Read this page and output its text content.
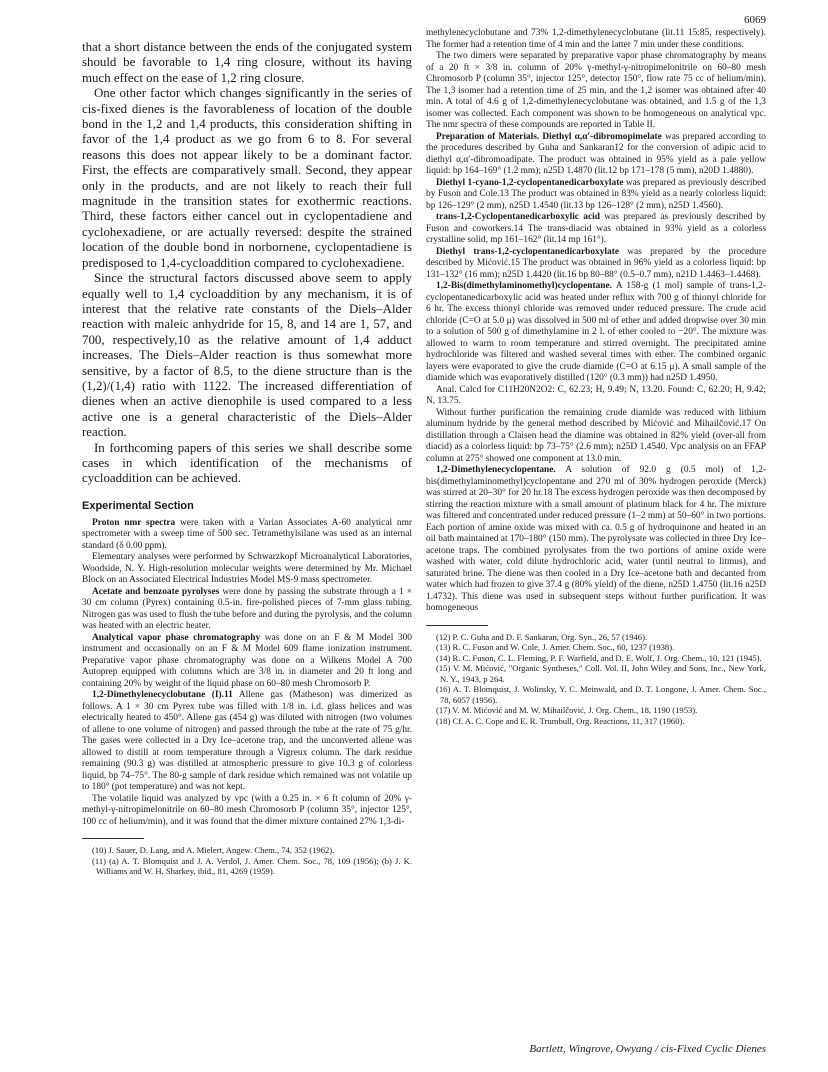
6069

that a short distance between the ends of the conjugated system should be favorable to 1,4 ring closure, without its having much effect on the ease of 1,2 ring closure.

One other factor which changes significantly in the series of cis-fixed dienes is the favorableness of location of the double bond in the 1,2 and 1,4 products, this consideration shifting in favor of the 1,4 product as we go from 6 to 8. For several reasons this does not appear likely to be a dominant factor. First, the effects are comparatively small. Second, they appear only in the products, and are not likely to reach their full magnitude in the transition states for exothermic reactions. Third, these factors either cancel out in cyclopentadiene and cyclohexadiene, or are actually reversed: despite the strained location of the double bond in norbornene, cyclopentadiene is predisposed to 1,4-cycloaddition compared to cyclohexadiene.

Since the structural factors discussed above seem to apply equally well to 1,4 cycloaddition by any mechanism, it is of interest that the relative rate constants of the Diels–Alder reaction with maleic anhydride for 15, 8, and 14 are 1, 57, and 700, respectively,10 as the relative amount of 1,4 adduct increases. The Diels–Alder reaction is thus somewhat more sensitive, by a factor of 8.5, to the diene structure than is the (1,2)/(1,4) ratio with 1122. The increased differentiation of dienes when an active dienophile is used compared to a less active one is a general characteristic of the Diels–Alder reaction.

In forthcoming papers of this series we shall describe some cases in which identification of the mechanisms of cycloaddition can be achieved.

Experimental Section

Proton nmr spectra were taken with a Varian Associates A-60 analytical nmr spectrometer with a sweep time of 500 sec. Tetramethylsilane was used as an internal standard (δ 0.00 ppm).

Elementary analyses were performed by Schwarzkopf Microanalytical Laboratories, Woodside, N. Y. High-resolution molecular weights were determined by Mr. Michael Block on an Associated Electrical Industries Model MS-9 mass spectrometer.

Acetate and benzoate pyrolyses were done by passing the substrate through a 1 × 30 cm column (Pyrex) containing 0.5-in. fire-polished pieces of 7-mm glass tubing. Nitrogen gas was used to flush the tube before and during the pyrolysis, and the column was heated with an electric heater.

Analytical vapor phase chromatography was done on an F & M Model 300 instrument and occasionally on an F & M Model 609 flame ionization instrument. Preparative vapor phase chromatography was done on a Wilkens Model A 700 Autoprep equipped with columns which are 3/8 in. in diameter and 20 ft long and containing 20% by weight of the liquid phase on 60–80 mesh Chromosorb P.

1,2-Dimethylenecyclobutane (I).11 Allene gas (Matheson) was dimerized as follows. A 1 × 30 cm Pyrex tube was filled with 1/8 in. i.d. glass helices and was electrically heated to 450°. Allene gas (454 g) was diluted with nitrogen (two volumes of allene to one volume of nitrogen) and passed through the tube at the rate of 75 g/hr. The gases were collected in a Dry Ice–acetone trap, and the unconverted allene was allowed to distill at room temperature through a Vigreux column. The dark residue remaining (90.3 g) was distilled at atmospheric pressure to give 10.3 g of colorless liquid, bp 74–75°. The 80-g sample of dark residue which remained was not volatile up to 180° (pot temperature) and was not kept.

The volatile liquid was analyzed by vpc (with a 0.25 in. × 6 ft column of 20% γ-methyl-γ-nitropimelonitrile on 60–80 mesh Chromosorb P (column 35°, injector 125°, 100 cc of helium/min), and it was found that the dimer mixture contained 27% 1,3-di-

(10) J. Sauer, D. Lang, and A. Mielert, Angew. Chem., 74, 352 (1962).

(11) (a) A. T. Blomquist and J. A. Verdol, J. Amer. Chem. Soc., 78, 109 (1956); (b) J. K. Williams and W. H. Sharkey, ibid., 81, 4269 (1959).

methylenecyclobutane and 73% 1,2-dimethylenecyclobutane (lit.11 15:85, respectively). The former had a retention time of 4 min and the latter 7 min under these conditions.

The two dimers were separated by preparative vapor phase chromatography by means of a 20 ft × 3/8 in. column of 20% γ-methyl-γ-nitropimelonitrile on 60–80 mesh Chromosorb P (column 35°, injector 125°, detector 150°, flow rate 75 cc of helium/min). The 1,3 isomer had a retention time of 25 min, and the 1,2 isomer was obtained after 40 min. A total of 4.6 g of 1,2-dimethylenecyclobutane was obtained, and 1.5 g of the 1,3 isomer was collected. Each component was shown to be homogeneous on analytical vpc. The nmr spectra of these compounds are reported in Table II.

Preparation of Materials. Diethyl α,α′-dibromopimelate was prepared according to the procedures described by Guha and Sankaran12 for the conversion of adipic acid to diethyl α,α′-dibromoadipate. The product was obtained in 95% yield as a pale yellow liquid: bp 164–169° (1.2 mm); n25D 1.4870 (lit.12 bp 171–178 (5 mm), n20D 1.4880).

Diethyl 1-cyano-1,2-cyclopentanedicarboxylate was prepared as previously described by Fuson and Cole.13 The product was obtained in 83% yield as a nearly colorless liquid: bp 126–129° (2 mm), n25D 1.4540 (lit.13 bp 126–128° (2 mm), n25D 1.4560).

trans-1,2-Cyclopentanedicarboxylic acid was prepared as previously described by Fuson and coworkers.14 The trans-diacid was obtained in 93% yield as a colorless crystalline solid, mp 161–162° (lit.14 mp 161°).

Diethyl trans-1,2-cyclopentanedicarboxylate was prepared by the procedure described by Mićović.15 The product was obtained in 96% yield as a colorless liquid: bp 131–132° (16 mm); n25D 1.4420 (lit.16 bp 80–88° (0.5–0.7 mm), n21D 1.4463–1.4468).

1,2-Bis(dimethylaminomethyl)cyclopentane. A 158-g (1 mol) sample of trans-1,2-cyclopentanedicarboxylic acid was heated under reflux with 700 g of thionyl chloride for 6 hr. The excess thionyl chloride was removed under reduced pressure. The crude acid chloride (C=O at 5.0 μ) was dissolved in 500 ml of ether and added dropwise over 30 min to a solution of 500 g of dimethylamine in 2 l. of ether cooled to −20°. The mixture was allowed to warm to room temperature and stirred overnight. The precipitated amine hydrochloride was filtered and washed several times with ether. The combined organic layers were evaporated to give the crude diamide (C=O at 6.15 μ). A small sample of the diamide which was evaporatively distilled (120° (0.3 mm)) had n25D 1.4950.

Anal. Calcd for C11H20N2O2: C, 62.23; H, 9.49; N, 13.20. Found: C, 62.20; H, 9.42; N, 13.75.

Without further purification the remaining crude diamide was reduced with lithium aluminum hydride by the general method described by Mićović and Mihailčović.17 On distillation through a Claisen head the diamine was obtained in 82% yield (over-all from diacid) as a colorless liquid: bp 73–75° (2.6 mm); n25D 1.4540. Vpc analysis on an FFAP column at 275° showed one component at 13.0 min.

1,2-Dimethylenecyclopentane. A solution of 92.0 g (0.5 mol) of 1,2-bis(dimethylaminomethyl)cyclopentane and 270 ml of 30% hydrogen peroxide (Merck) was stirred at 20–30° for 20 hr.18 The excess hydrogen peroxide was then decomposed by stirring the reaction mixture with a small amount of platinum black for 4 hr. The mixture was filtered and concentrated under reduced pressure (1–2 mm) at 50–60° in two portions. Each portion of amine oxide was mixed with ca. 0.5 g of hydroquinone and heated in an oil bath maintained at 170–180° (150 mm). The pyrolysate was collected in three Dry Ice–acetone traps. The combined pyrolysates from the two portions of amine oxide were washed with water, cold dilute hydrochloric acid, water (until neutral to litmus), and saturated brine. The diene was then cooled in a Dry Ice–acetone bath and decanted from water which had frozen to give 37.4 g (80% yield) of the diene, n25D 1.4750 (lit.16 n25D 1.4732). This diene was used in subsequent steps without further purification. It was homogeneous

(12) P. C. Guha and D. F. Sankaran, Org. Syn., 26, 57 (1946).

(13) R. C. Fuson and W. Cole, J. Amer. Chem. Soc., 60, 1237 (1938).

(14) R. C. Fuson, C. L. Fleming, P. F. Warfield, and D. E. Wolf, J. Org. Chem., 10, 121 (1945).

(15) V. M. Mićović, "Organic Syntheses," Coll. Vol. II, John Wiley and Sons, Inc., New York, N. Y., 1943, p 264.

(16) A. T. Blomquist, J. Wolinsky, Y. C. Meinwald, and D. T. Longone, J. Amer. Chem. Soc., 78, 6057 (1956).

(17) V. M. Mićović and M. W. Mihailčović, J. Org. Chem., 18, 1190 (1953).

(18) Cf. A. C. Cope and E. R. Trumbull, Org. Reactions, 11, 317 (1960).

Bartlett, Wingrove, Owyang / cis-Fixed Cyclic Dienes
